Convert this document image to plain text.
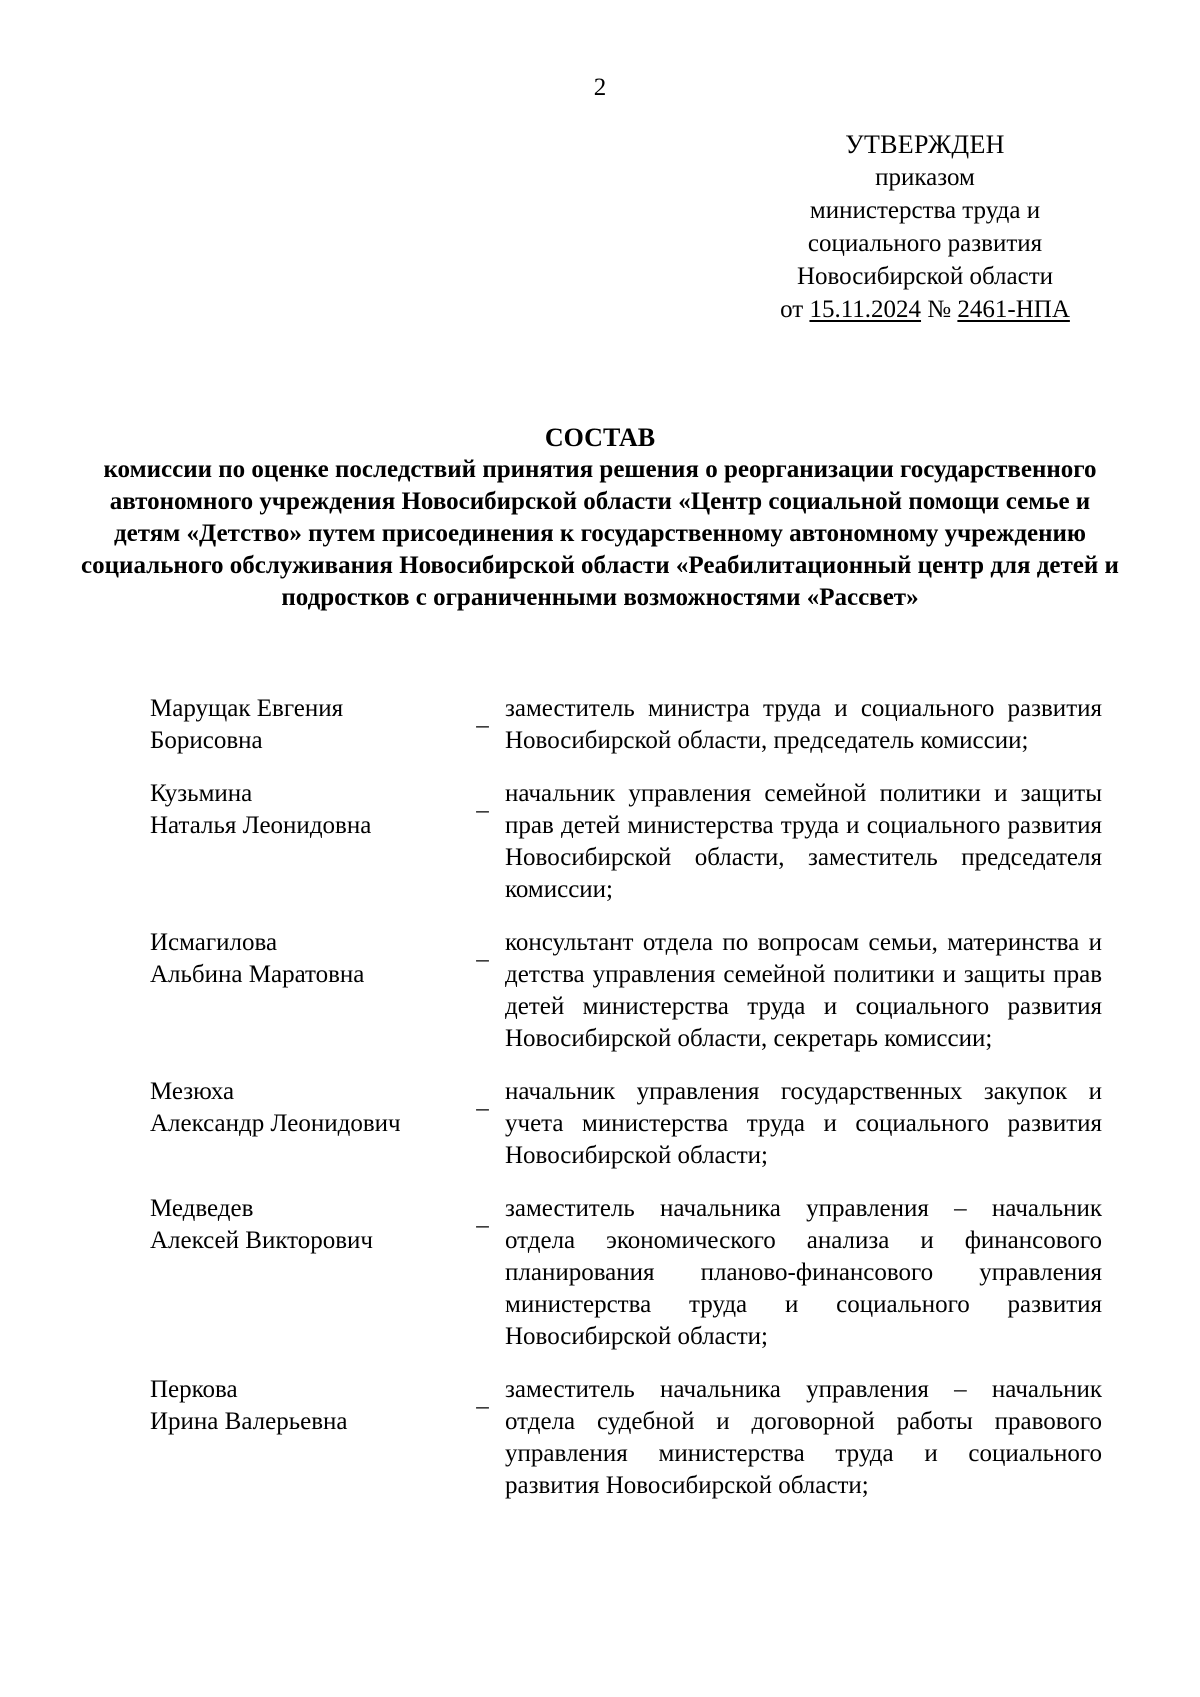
2
УТВЕРЖДЕН
приказом
министерства труда и
социального развития
Новосибирской области
от 15.11.2024 № 2461-НПА
СОСТАВ
комиссии по оценке последствий принятия решения о реорганизации государственного автономного учреждения Новосибирской области «Центр социальной помощи семье и детям «Детство» путем присоединения к государственному автономному учреждению социального обслуживания Новосибирской области «Реабилитационный центр для детей и подростков с ограниченными возможностями «Рассвет»
Марущак Евгения
Борисовна
_ заместитель министра труда и социального развития Новосибирской области, председатель комиссии;
Кузьмина
Наталья Леонидовна
_ начальник управления семейной политики и защиты прав детей министерства труда и социального развития Новосибирской области, заместитель председателя комиссии;
Исмагилова
Альбина Маратовна
_ консультант отдела по вопросам семьи, материнства и детства управления семейной политики и защиты прав детей министерства труда и социального развития Новосибирской области, секретарь комиссии;
Мезюха
Александр Леонидович
_ начальник управления государственных закупок и учета министерства труда и социального развития Новосибирской области;
Медведев
Алексей Викторович
_ заместитель начальника управления – начальник отдела экономического анализа и финансового планирования планово-финансового управления министерства труда и социального развития Новосибирской области;
Перкова
Ирина Валерьевна
_ заместитель начальника управления – начальник отдела судебной и договорной работы правового управления министерства труда и социального развития Новосибирской области;
